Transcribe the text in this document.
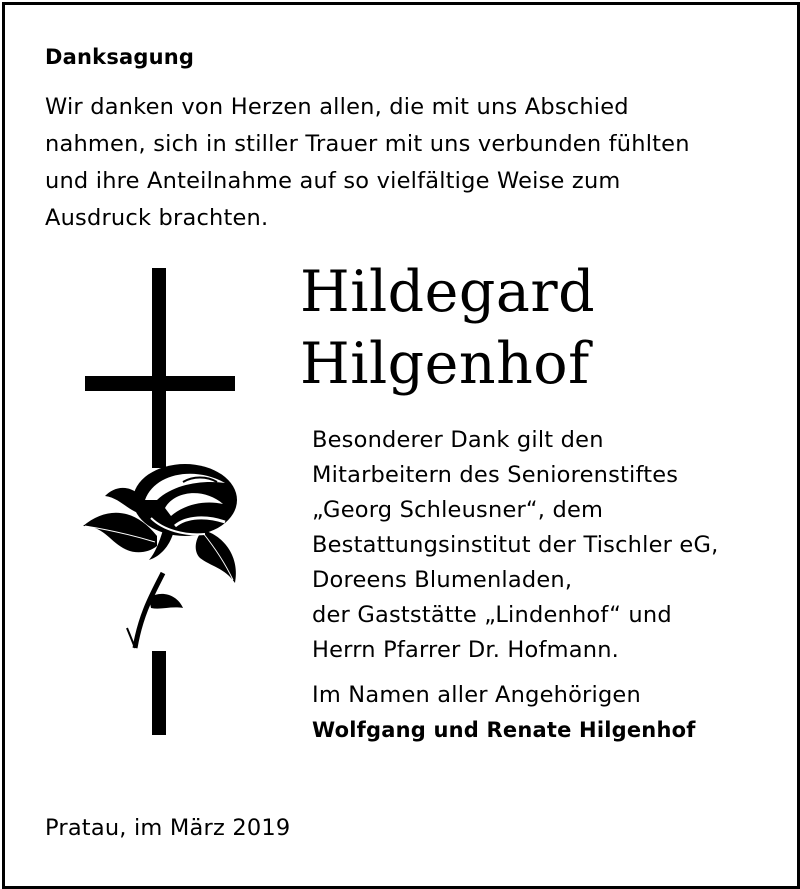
Danksagung
Wir danken von Herzen allen, die mit uns Abschied
nahmen, sich in stiller Trauer mit uns verbunden fühlten
und ihre Anteilnahme auf so vielfältige Weise zum
Ausdruck brachten.
Hildegard
Hilgenhof
Besonderer Dank gilt den
Mitarbeitern des Seniorenstiftes
„Georg Schleusner“, dem
Bestattungsinstitut der Tischler eG,
Doreens Blumenladen,
der Gaststätte „Lindenhof“ und
Herrn Pfarrer Dr. Hofmann.
Im Namen aller Angehörigen
Wolfgang und Renate Hilgenhof
Pratau, im März 2019
